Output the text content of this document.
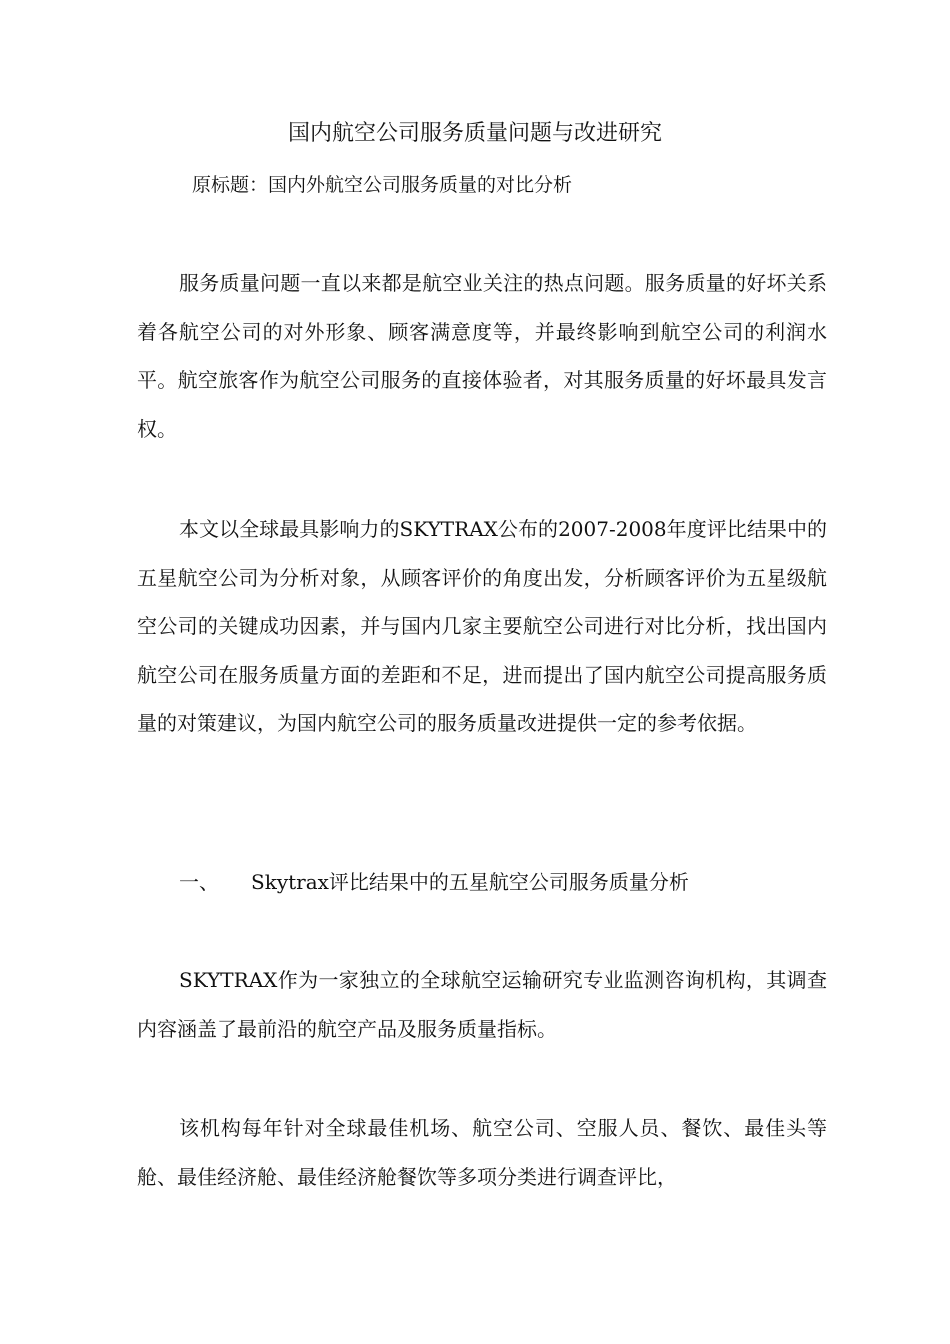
国内航空公司服务质量问题与改进研究
原标题：国内外航空公司服务质量的对比分析

服务质量问题一直以来都是航空业关注的热点问题。服务质量的好坏关系着各航空公司的对外形象、顾客满意度等，并最终影响到航空公司的利润水平。航空旅客作为航空公司服务的直接体验者，对其服务质量的好坏最具发言权。

本文以全球最具影响力的SKYTRAX公布的2007-2008年度评比结果中的五星航空公司为分析对象，从顾客评价的角度出发，分析顾客评价为五星级航空公司的关键成功因素，并与国内几家主要航空公司进行对比分析，找出国内航空公司在服务质量方面的差距和不足，进而提出了国内航空公司提高服务质量的对策建议，为国内航空公司的服务质量改进提供一定的参考依据。

一、 Skytrax评比结果中的五星航空公司服务质量分析

SKYTRAX作为一家独立的全球航空运输研究专业监测咨询机构，其调查内容涵盖了最前沿的航空产品及服务质量指标。

该机构每年针对全球最佳机场、航空公司、空服人员、餐饮、最佳头等舱、最佳经济舱、最佳经济舱餐饮等多项分类进行调查评比，
